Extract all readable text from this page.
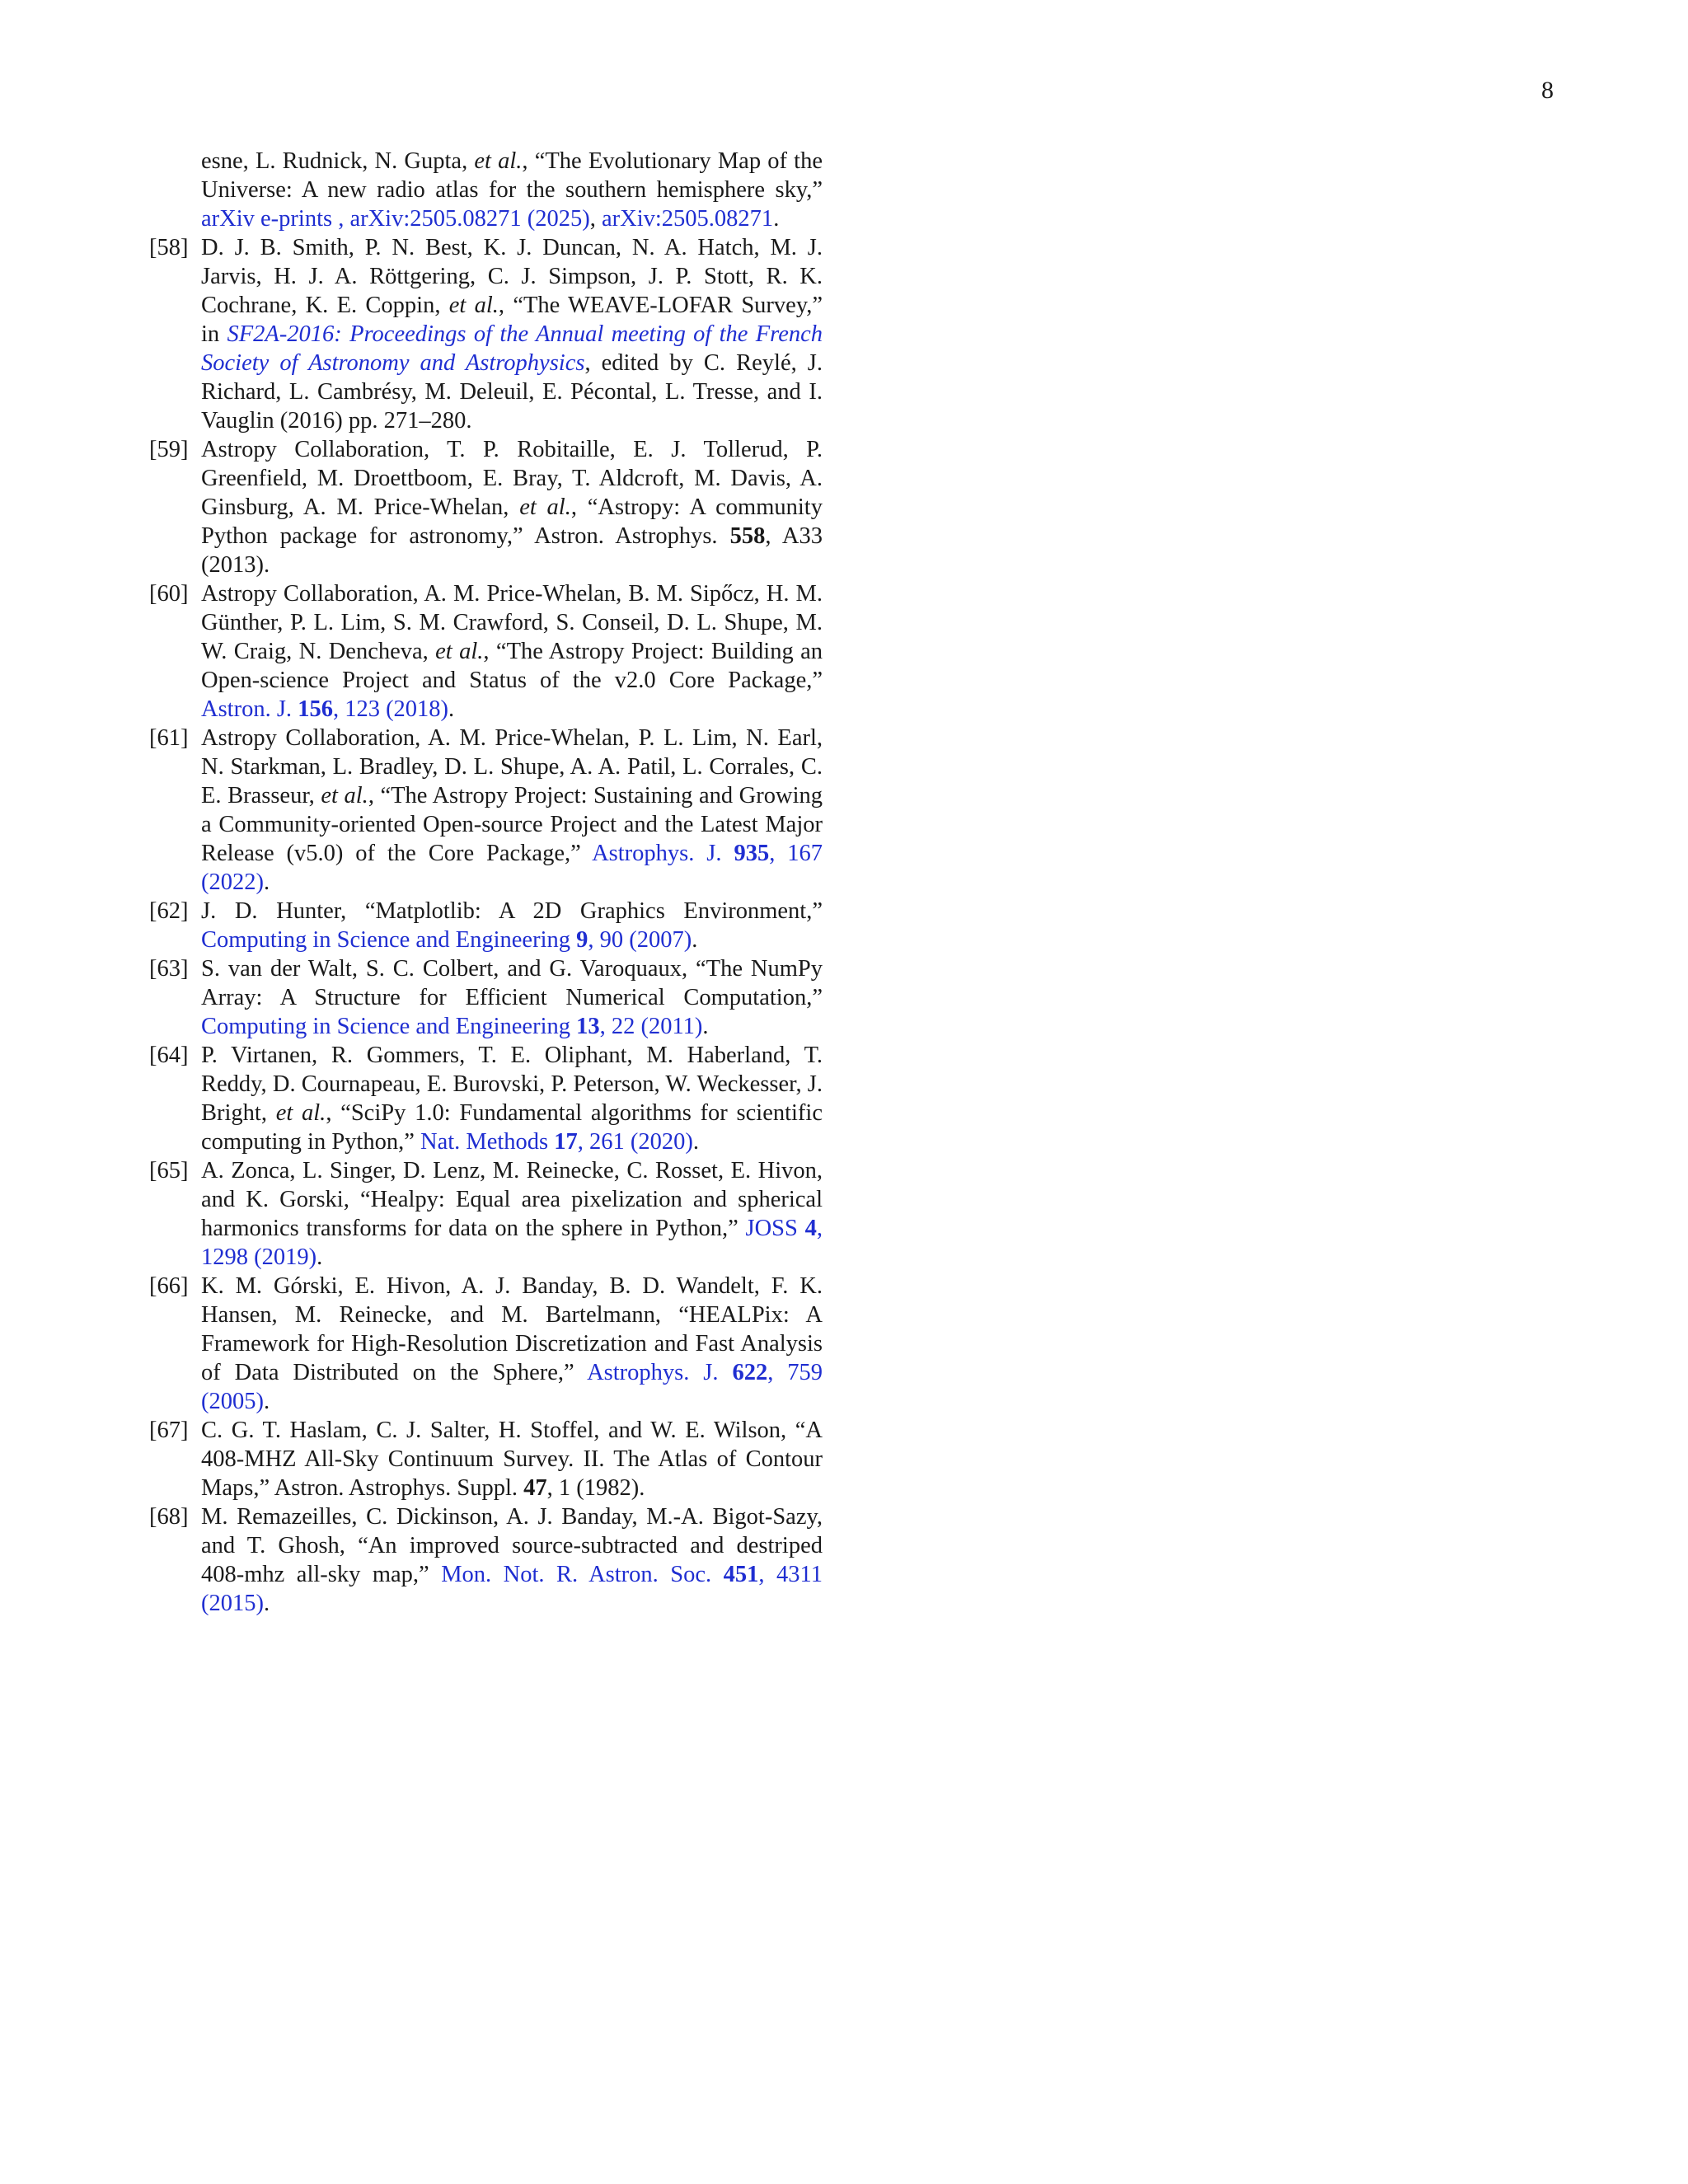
8
esne, L. Rudnick, N. Gupta, et al., “The Evolutionary Map of the Universe: A new radio atlas for the southern hemisphere sky,” arXiv e-prints , arXiv:2505.08271 (2025), arXiv:2505.08271.
[58] D. J. B. Smith, P. N. Best, K. J. Duncan, N. A. Hatch, M. J. Jarvis, H. J. A. Röttgering, C. J. Simpson, J. P. Stott, R. K. Cochrane, K. E. Coppin, et al., “The WEAVE-LOFAR Survey,” in SF2A-2016: Proceedings of the Annual meeting of the French Society of Astronomy and Astrophysics, edited by C. Reylé, J. Richard, L. Cambrésy, M. Deleuil, E. Pécontal, L. Tresse, and I. Vauglin (2016) pp. 271–280.
[59] Astropy Collaboration, T. P. Robitaille, E. J. Tollerud, P. Greenfield, M. Droettboom, E. Bray, T. Aldcroft, M. Davis, A. Ginsburg, A. M. Price-Whelan, et al., “Astropy: A community Python package for astronomy,” Astron. Astrophys. 558, A33 (2013).
[60] Astropy Collaboration, A. M. Price-Whelan, B. M. Sipőcz, H. M. Günther, P. L. Lim, S. M. Crawford, S. Conseil, D. L. Shupe, M. W. Craig, N. Dencheva, et al., “The Astropy Project: Building an Open-science Project and Status of the v2.0 Core Package,” Astron. J. 156, 123 (2018).
[61] Astropy Collaboration, A. M. Price-Whelan, P. L. Lim, N. Earl, N. Starkman, L. Bradley, D. L. Shupe, A. A. Patil, L. Corrales, C. E. Brasseur, et al., “The Astropy Project: Sustaining and Growing a Community-oriented Open-source Project and the Latest Major Release (v5.0) of the Core Package,” Astrophys. J. 935, 167 (2022).
[62] J. D. Hunter, “Matplotlib: A 2D Graphics Environment,” Computing in Science and Engineering 9, 90 (2007).
[63] S. van der Walt, S. C. Colbert, and G. Varoquaux, “The NumPy Array: A Structure for Efficient Numerical Computation,” Computing in Science and Engineering 13, 22 (2011).
[64] P. Virtanen, R. Gommers, T. E. Oliphant, M. Haberland, T. Reddy, D. Cournapeau, E. Burovski, P. Peterson, W. Weckesser, J. Bright, et al., “SciPy 1.0: Fundamental algorithms for scientific computing in Python,” Nat. Methods 17, 261 (2020).
[65] A. Zonca, L. Singer, D. Lenz, M. Reinecke, C. Rosset, E. Hivon, and K. Gorski, “Healpy: Equal area pixelization and spherical harmonics transforms for data on the sphere in Python,” JOSS 4, 1298 (2019).
[66] K. M. Górski, E. Hivon, A. J. Banday, B. D. Wandelt, F. K. Hansen, M. Reinecke, and M. Bartelmann, “HEALPix: A Framework for High-Resolution Discretization and Fast Analysis of Data Distributed on the Sphere,” Astrophys. J. 622, 759 (2005).
[67] C. G. T. Haslam, C. J. Salter, H. Stoffel, and W. E. Wilson, “A 408-MHZ All-Sky Continuum Survey. II. The Atlas of Contour Maps,” Astron. Astrophys. Suppl. 47, 1 (1982).
[68] M. Remazeilles, C. Dickinson, A. J. Banday, M.-A. Bigot-Sazy, and T. Ghosh, “An improved source-subtracted and destriped 408-mhz all-sky map,” Mon. Not. R. Astron. Soc. 451, 4311 (2015).
